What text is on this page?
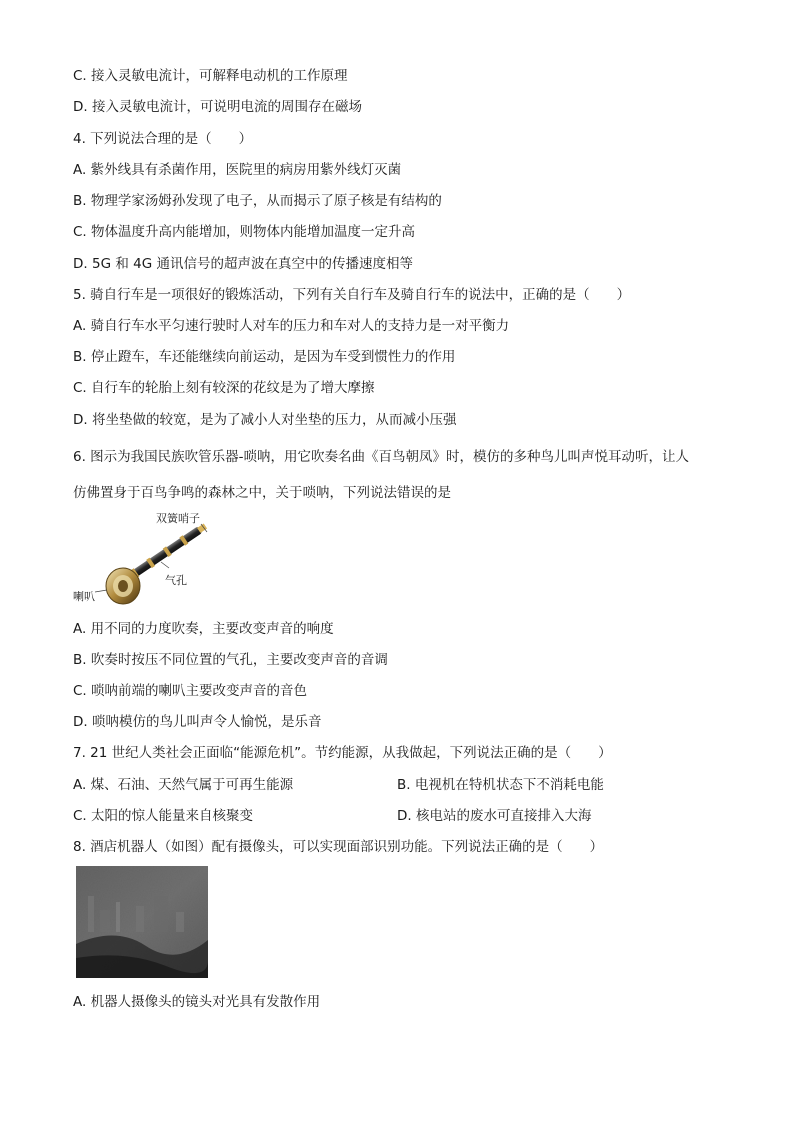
C. 接入灵敏电流计，可解释电动机的工作原理
D. 接入灵敏电流计，可说明电流的周围存在磁场
4. 下列说法合理的是（　　）
A. 紫外线具有杀菌作用，医院里的病房用紫外线灯灭菌
B. 物理学家汤姆孙发现了电子，从而揭示了原子核是有结构的
C. 物体温度升高内能增加，则物体内能增加温度一定升高
D. 5G 和 4G 通讯信号的超声波在真空中的传播速度相等
5. 骑自行车是一项很好的锻炼活动，下列有关自行车及骑自行车的说法中，正确的是（　　）
A. 骑自行车水平匀速行驶时人对车的压力和车对人的支持力是一对平衡力
B. 停止蹬车，车还能继续向前运动，是因为车受到惯性力的作用
C. 自行车的轮胎上刻有较深的花纹是为了增大摩擦
D. 将坐垫做的较宽，是为了减小人对坐垫的压力，从而减小压强
6. 图示为我国民族吹管乐器-唢呐，用它吹奏名曲《百鸟朝凤》时，模仿的多种鸟儿叫声悦耳动听，让人
仿佛置身于百鸟争鸣的森林之中，关于唢呐，下列说法错误的是
双簧哨子
气孔
喇叭
A. 用不同的力度吹奏，主要改变声音的响度
B. 吹奏时按压不同位置的气孔，主要改变声音的音调
C. 唢呐前端的喇叭主要改变声音的音色
D. 唢呐模仿的鸟儿叫声令人愉悦，是乐音
7. 21 世纪人类社会正面临“能源危机”。节约能源，从我做起，下列说法正确的是（　　）
A. 煤、石油、天然气属于可再生能源	B. 电视机在特机状态下不消耗电能
C. 太阳的惊人能量来自核聚变	D. 核电站的废水可直接排入大海
8. 酒店机器人（如图）配有摄像头，可以实现面部识别功能。下列说法正确的是（　　）
A. 机器人摄像头的镜头对光具有发散作用
